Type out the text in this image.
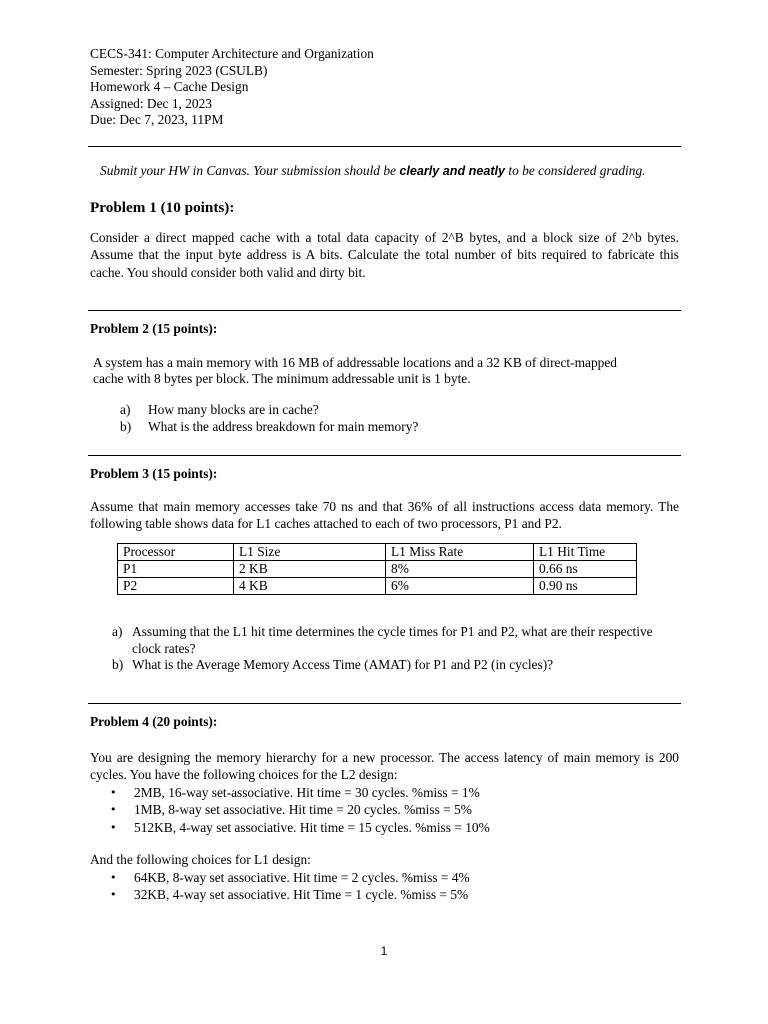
CECS-341: Computer Architecture and Organization
Semester: Spring 2023 (CSULB)
Homework 4 – Cache Design
Assigned: Dec 1, 2023
Due: Dec 7, 2023, 11PM
Submit your HW in Canvas. Your submission should be clearly and neatly to be considered grading.
Problem 1 (10 points):
Consider a direct mapped cache with a total data capacity of 2^B bytes, and a block size of 2^b bytes. Assume that the input byte address is A bits. Calculate the total number of bits required to fabricate this cache. You should consider both valid and dirty bit.
Problem 2 (15 points):
A system has a main memory with 16 MB of addressable locations and a 32 KB of direct-mapped
cache with 8 bytes per block. The minimum addressable unit is 1 byte.
a) How many blocks are in cache?
b) What is the address breakdown for main memory?
Problem 3 (15 points):
Assume that main memory accesses take 70 ns and that 36% of all instructions access data memory. The following table shows data for L1 caches attached to each of two processors, P1 and P2.
Processor	L1 Size	L1 Miss Rate	L1 Hit Time
P1	2 KB	8%	0.66 ns
P2	4 KB	6%	0.90 ns
a) Assuming that the L1 hit time determines the cycle times for P1 and P2, what are their respective clock rates?
b) What is the Average Memory Access Time (AMAT) for P1 and P2 (in cycles)?
Problem 4 (20 points):
You are designing the memory hierarchy for a new processor. The access latency of main memory is 200 cycles. You have the following choices for the L2 design:
• 2MB, 16-way set-associative. Hit time = 30 cycles. %miss = 1%
• 1MB, 8-way set associative. Hit time = 20 cycles. %miss = 5%
• 512KB, 4-way set associative. Hit time = 15 cycles. %miss = 10%
And the following choices for L1 design:
• 64KB, 8-way set associative. Hit time = 2 cycles. %miss = 4%
• 32KB, 4-way set associative. Hit Time = 1 cycle. %miss = 5%
1
